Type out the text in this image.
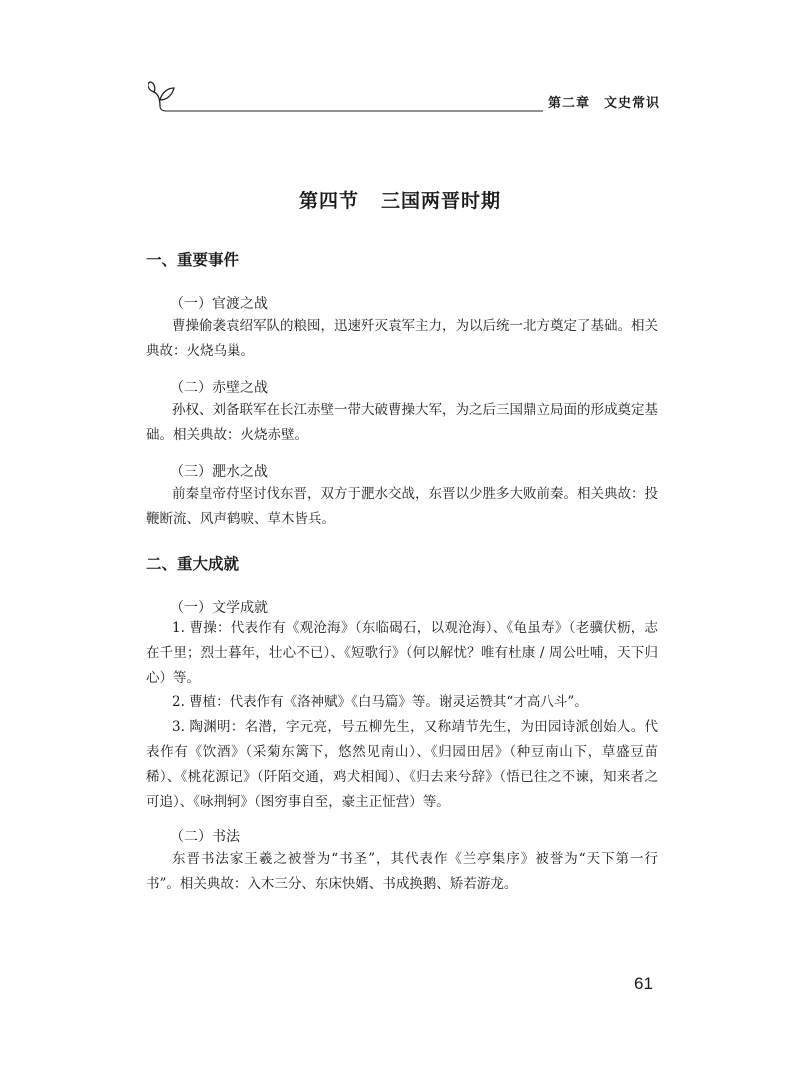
第二章 文史常识
第四节 三国两晋时期
一、重要事件
（一）官渡之战
曹操偷袭袁绍军队的粮囤，迅速歼灭袁军主力，为以后统一北方奠定了基础。相关典故：火烧乌巢。
（二）赤壁之战
孙权、刘备联军在长江赤壁一带大破曹操大军，为之后三国鼎立局面的形成奠定基础。相关典故：火烧赤壁。
（三）淝水之战
前秦皇帝苻坚讨伐东晋，双方于淝水交战，东晋以少胜多大败前秦。相关典故：投鞭断流、风声鹤唳、草木皆兵。
二、重大成就
（一）文学成就
1. 曹操：代表作有《观沧海》（东临碣石，以观沧海）、《龟虽寿》（老骥伏枥，志在千里；烈士暮年，壮心不已）、《短歌行》（何以解忧？唯有杜康 / 周公吐哺，天下归心）等。
2. 曹植：代表作有《洛神赋》《白马篇》等。谢灵运赞其“才高八斗”。
3. 陶渊明：名潜，字元亮，号五柳先生，又称靖节先生，为田园诗派创始人。代表作有《饮酒》（采菊东篱下，悠然见南山）、《归园田居》（种豆南山下，草盛豆苗稀）、《桃花源记》（阡陌交通，鸡犬相闻）、《归去来兮辞》（悟已往之不谏，知来者之可追）、《咏荆轲》（图穷事自至，豪主正怔营）等。
（二）书法
东晋书法家王羲之被誉为“书圣”，其代表作《兰亭集序》被誉为“天下第一行书”。相关典故：入木三分、东床快婿、书成换鹅、矫若游龙。
61
